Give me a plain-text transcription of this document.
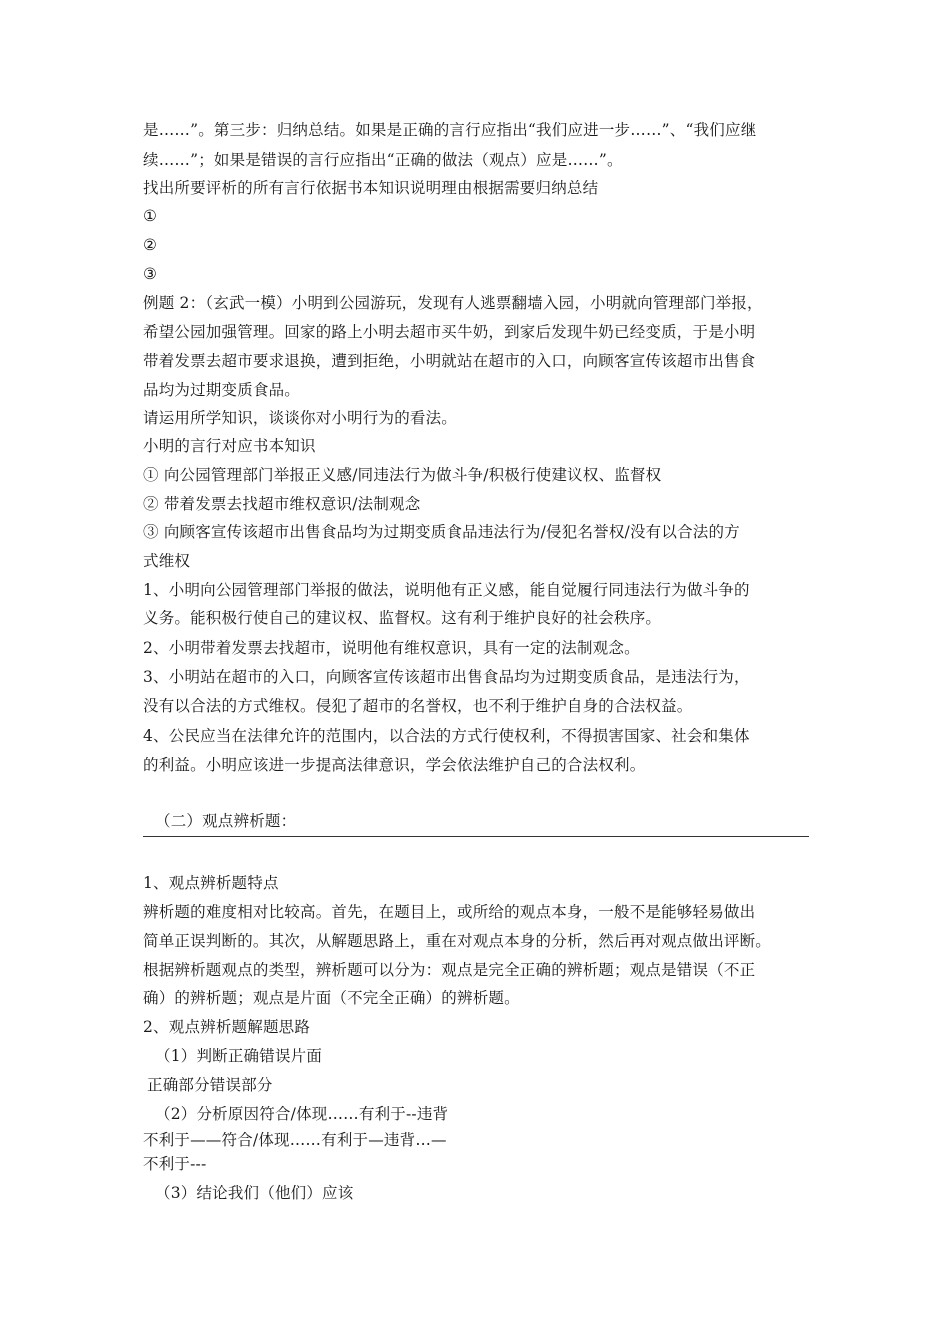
是……”。第三步：归纳总结。如果是正确的言行应指出“我们应进一步……”、“我们应继
续……”；如果是错误的言行应指出“正确的做法（观点）应是……”。
找出所要评析的所有言行依据书本知识说明理由根据需要归纳总结
①
②
③
例题 2：（玄武一模）小明到公园游玩，发现有人逃票翻墙入园，小明就向管理部门举报，
希望公园加强管理。回家的路上小明去超市买牛奶，到家后发现牛奶已经变质，于是小明
带着发票去超市要求退换，遭到拒绝，小明就站在超市的入口，向顾客宣传该超市出售食
品均为过期变质食品。
请运用所学知识，谈谈你对小明行为的看法。
小明的言行对应书本知识
① 向公园管理部门举报正义感/同违法行为做斗争/积极行使建议权、监督权
② 带着发票去找超市维权意识/法制观念
③ 向顾客宣传该超市出售食品均为过期变质食品违法行为/侵犯名誉权/没有以合法的方
式维权
1、小明向公园管理部门举报的做法，说明他有正义感，能自觉履行同违法行为做斗争的
义务。能积极行使自己的建议权、监督权。这有利于维护良好的社会秩序。
2、小明带着发票去找超市，说明他有维权意识，具有一定的法制观念。
3、小明站在超市的入口，向顾客宣传该超市出售食品均为过期变质食品，是违法行为，
没有以合法的方式维权。侵犯了超市的名誉权，也不利于维护自身的合法权益。
4、公民应当在法律允许的范围内，以合法的方式行使权利，不得损害国家、社会和集体
的利益。小明应该进一步提高法律意识，学会依法维护自己的合法权利。
（二）观点辨析题：
1、观点辨析题特点
辨析题的难度相对比较高。首先，在题目上，或所给的观点本身，一般不是能够轻易做出
简单正误判断的。其次，从解题思路上，重在对观点本身的分析，然后再对观点做出评断。
根据辨析题观点的类型，辨析题可以分为：观点是完全正确的辨析题；观点是错误（不正
确）的辨析题；观点是片面（不完全正确）的辨析题。
2、观点辨析题解题思路
（1）判断正确错误片面
正确部分错误部分
（2）分析原因符合/体现……有利于--违背
不利于——符合/体现……有利于—违背…—
不利于---
（3）结论我们（他们）应该
